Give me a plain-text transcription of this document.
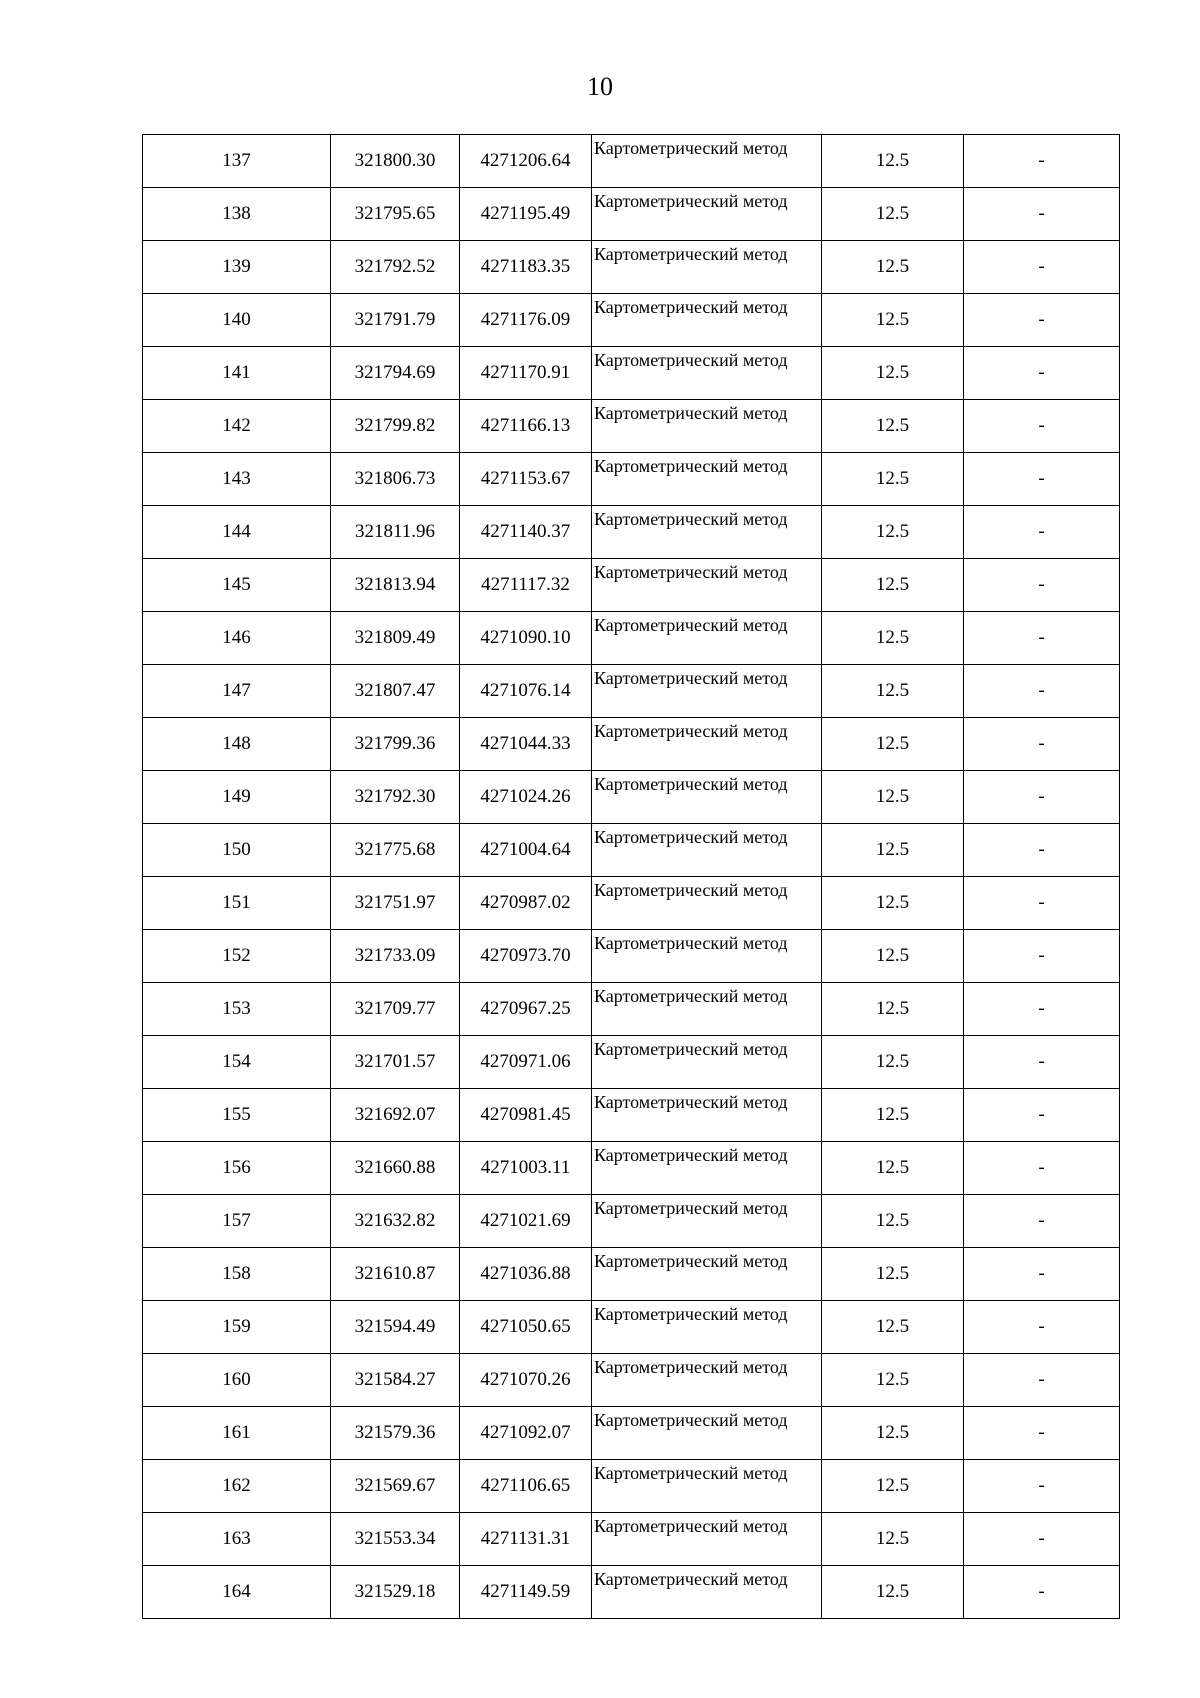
10
137	321800.30	4271206.64	Картометрический метод	12.5	-
138	321795.65	4271195.49	Картометрический метод	12.5	-
139	321792.52	4271183.35	Картометрический метод	12.5	-
140	321791.79	4271176.09	Картометрический метод	12.5	-
141	321794.69	4271170.91	Картометрический метод	12.5	-
142	321799.82	4271166.13	Картометрический метод	12.5	-
143	321806.73	4271153.67	Картометрический метод	12.5	-
144	321811.96	4271140.37	Картометрический метод	12.5	-
145	321813.94	4271117.32	Картометрический метод	12.5	-
146	321809.49	4271090.10	Картометрический метод	12.5	-
147	321807.47	4271076.14	Картометрический метод	12.5	-
148	321799.36	4271044.33	Картометрический метод	12.5	-
149	321792.30	4271024.26	Картометрический метод	12.5	-
150	321775.68	4271004.64	Картометрический метод	12.5	-
151	321751.97	4270987.02	Картометрический метод	12.5	-
152	321733.09	4270973.70	Картометрический метод	12.5	-
153	321709.77	4270967.25	Картометрический метод	12.5	-
154	321701.57	4270971.06	Картометрический метод	12.5	-
155	321692.07	4270981.45	Картометрический метод	12.5	-
156	321660.88	4271003.11	Картометрический метод	12.5	-
157	321632.82	4271021.69	Картометрический метод	12.5	-
158	321610.87	4271036.88	Картометрический метод	12.5	-
159	321594.49	4271050.65	Картометрический метод	12.5	-
160	321584.27	4271070.26	Картометрический метод	12.5	-
161	321579.36	4271092.07	Картометрический метод	12.5	-
162	321569.67	4271106.65	Картометрический метод	12.5	-
163	321553.34	4271131.31	Картометрический метод	12.5	-
164	321529.18	4271149.59	Картометрический метод	12.5	-
